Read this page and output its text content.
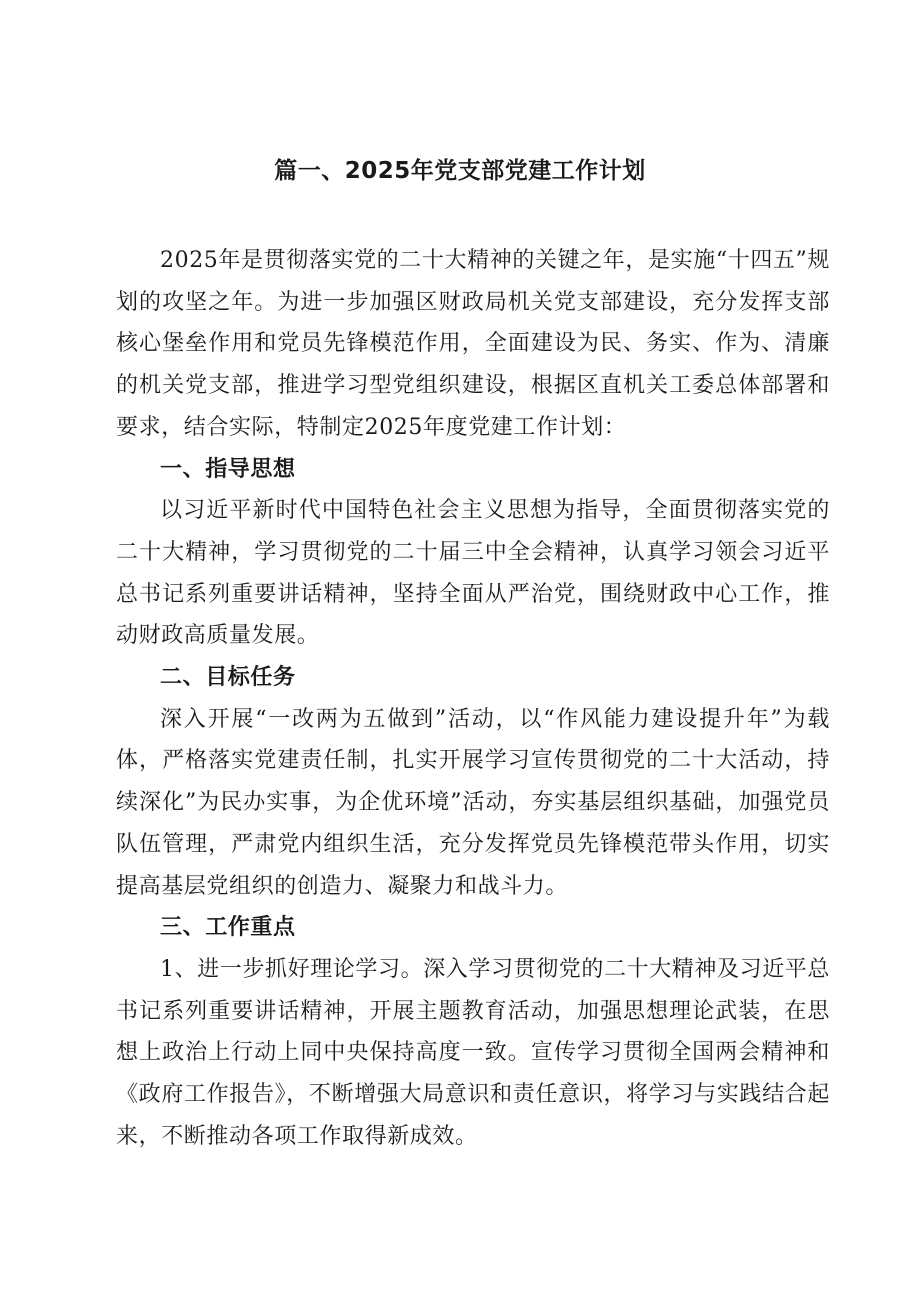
篇一、2025年党支部党建工作计划

2025年是贯彻落实党的二十大精神的关键之年，是实施“十四五”规划的攻坚之年。为进一步加强区财政局机关党支部建设，充分发挥支部核心堡垒作用和党员先锋模范作用，全面建设为民、务实、作为、清廉的机关党支部，推进学习型党组织建设，根据区直机关工委总体部署和要求，结合实际，特制定2025年度党建工作计划：

一、指导思想

以习近平新时代中国特色社会主义思想为指导，全面贯彻落实党的二十大精神，学习贯彻党的二十届三中全会精神，认真学习领会习近平总书记系列重要讲话精神，坚持全面从严治党，围绕财政中心工作，推动财政高质量发展。

二、目标任务

深入开展“一改两为五做到”活动，以“作风能力建设提升年”为载体，严格落实党建责任制，扎实开展学习宣传贯彻党的二十大活动，持续深化”为民办实事，为企优环境”活动，夯实基层组织基础，加强党员队伍管理，严肃党内组织生活，充分发挥党员先锋模范带头作用，切实提高基层党组织的创造力、凝聚力和战斗力。

三、工作重点

1、进一步抓好理论学习。深入学习贯彻党的二十大精神及习近平总书记系列重要讲话精神，开展主题教育活动，加强思想理论武装，在思想上政治上行动上同中央保持高度一致。宣传学习贯彻全国两会精神和《政府工作报告》，不断增强大局意识和责任意识，将学习与实践结合起来，不断推动各项工作取得新成效。
